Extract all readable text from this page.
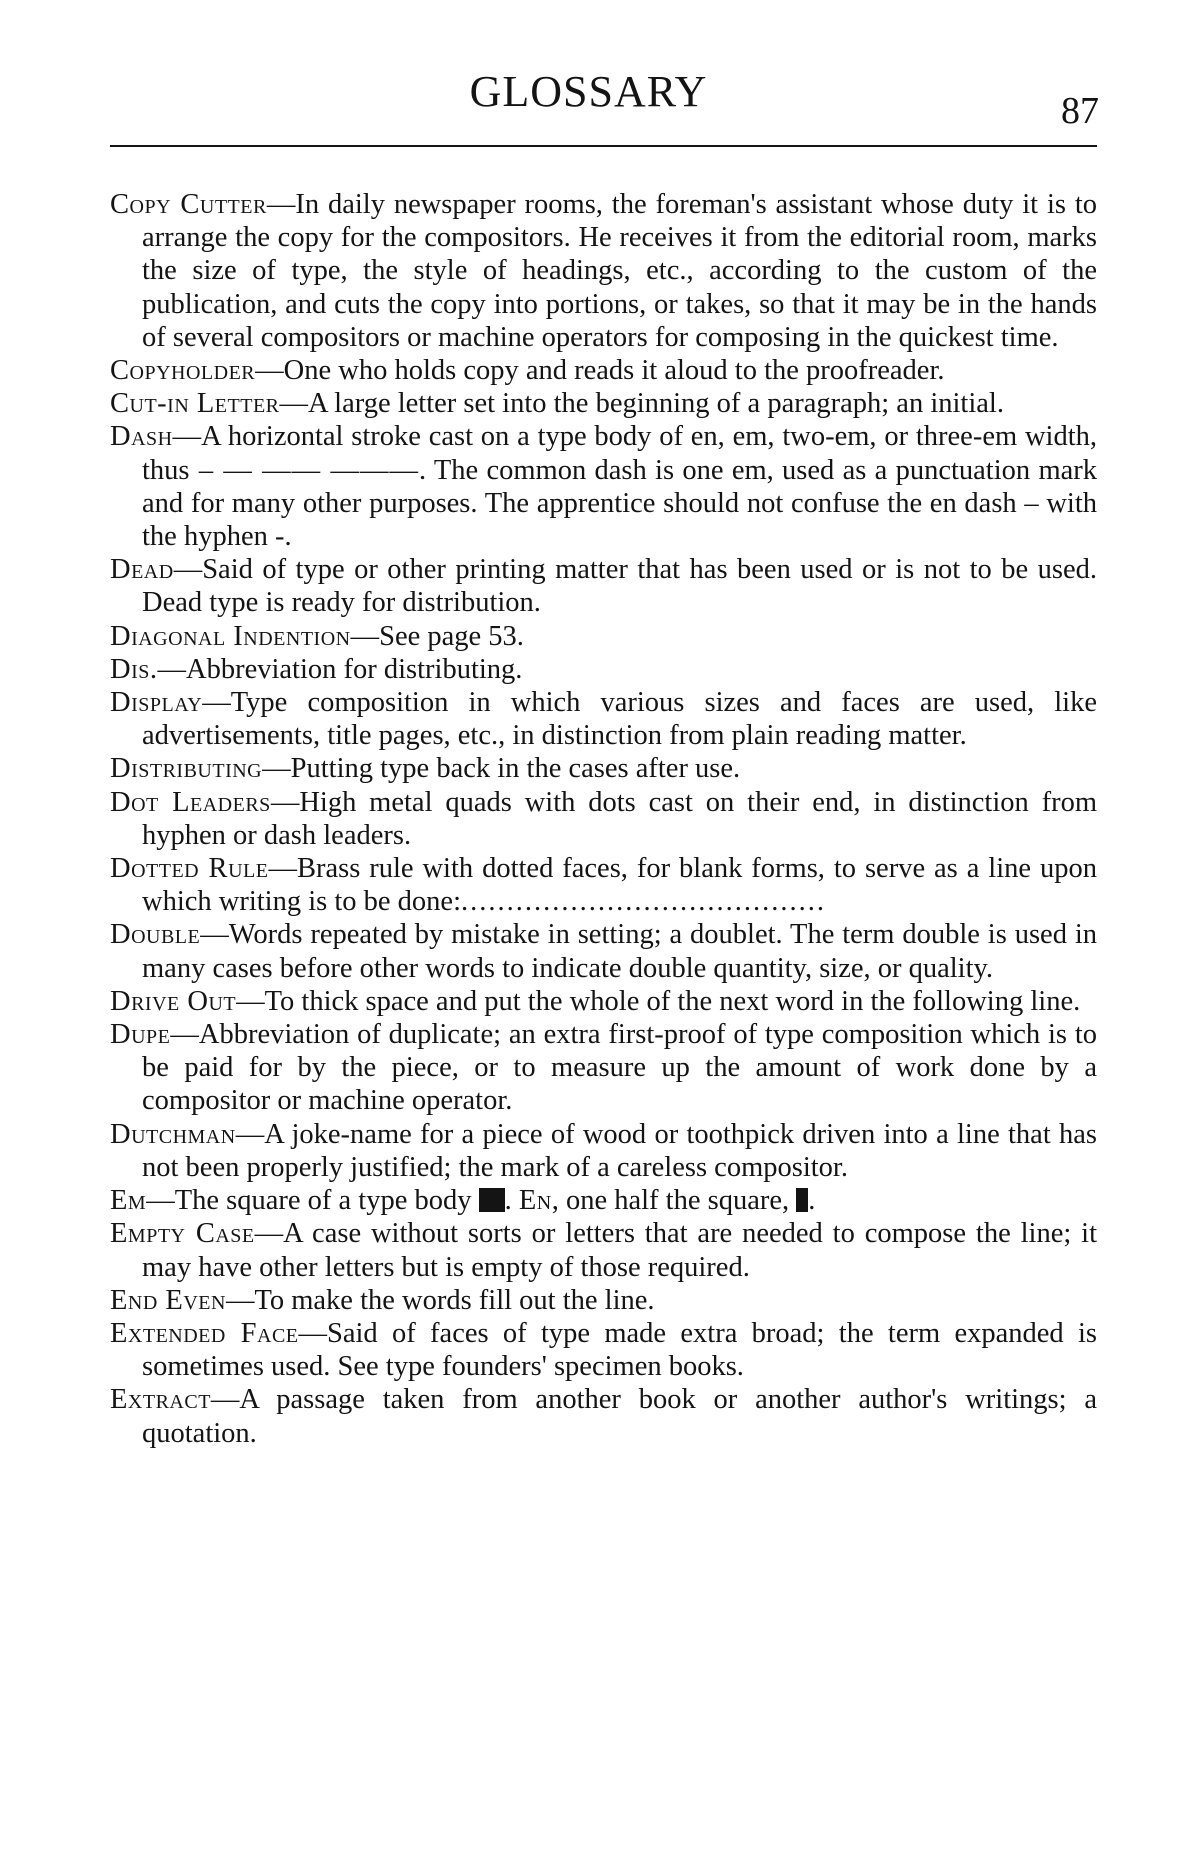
GLOSSARY	87

Copy Cutter—In daily newspaper rooms, the foreman's assistant whose duty it is to arrange the copy for the compositors. He receives it from the editorial room, marks the size of type, the style of headings, etc., according to the custom of the publication, and cuts the copy into portions, or takes, so that it may be in the hands of several compositors or machine operators for composing in the quickest time.

Copyholder—One who holds copy and reads it aloud to the proofreader.

Cut-in Letter—A large letter set into the beginning of a paragraph; an initial.

Dash—A horizontal stroke cast on a type body of en, em, two-em, or three-em width, thus – — —— ———. The common dash is one em, used as a punctuation mark and for many other purposes. The apprentice should not confuse the en dash – with the hyphen -.

Dead—Said of type or other printing matter that has been used or is not to be used. Dead type is ready for distribution.

Diagonal Indention—See page 53.

Dis.—Abbreviation for distributing.

Display—Type composition in which various sizes and faces are used, like advertisements, title pages, etc., in distinction from plain reading matter.

Distributing—Putting type back in the cases after use.

Dot Leaders—High metal quads with dots cast on their end, in distinction from hyphen or dash leaders.

Dotted Rule—Brass rule with dotted faces, for blank forms, to serve as a line upon which writing is to be done:........................................

Double—Words repeated by mistake in setting; a doublet. The term double is used in many cases before other words to indicate double quantity, size, or quality.

Drive Out—To thick space and put the whole of the next word in the following line.

Dupe—Abbreviation of duplicate; an extra first-proof of type composition which is to be paid for by the piece, or to measure up the amount of work done by a compositor or machine operator.

Dutchman—A joke-name for a piece of wood or toothpick driven into a line that has not been properly justified; the mark of a careless compositor.

Em—The square of a type body . En, one half the square, .

Empty Case—A case without sorts or letters that are needed to compose the line; it may have other letters but is empty of those required.

End Even—To make the words fill out the line.

Extended Face—Said of faces of type made extra broad; the term expanded is sometimes used. See type founders' specimen books.

Extract—A passage taken from another book or another author's writings; a quotation.
